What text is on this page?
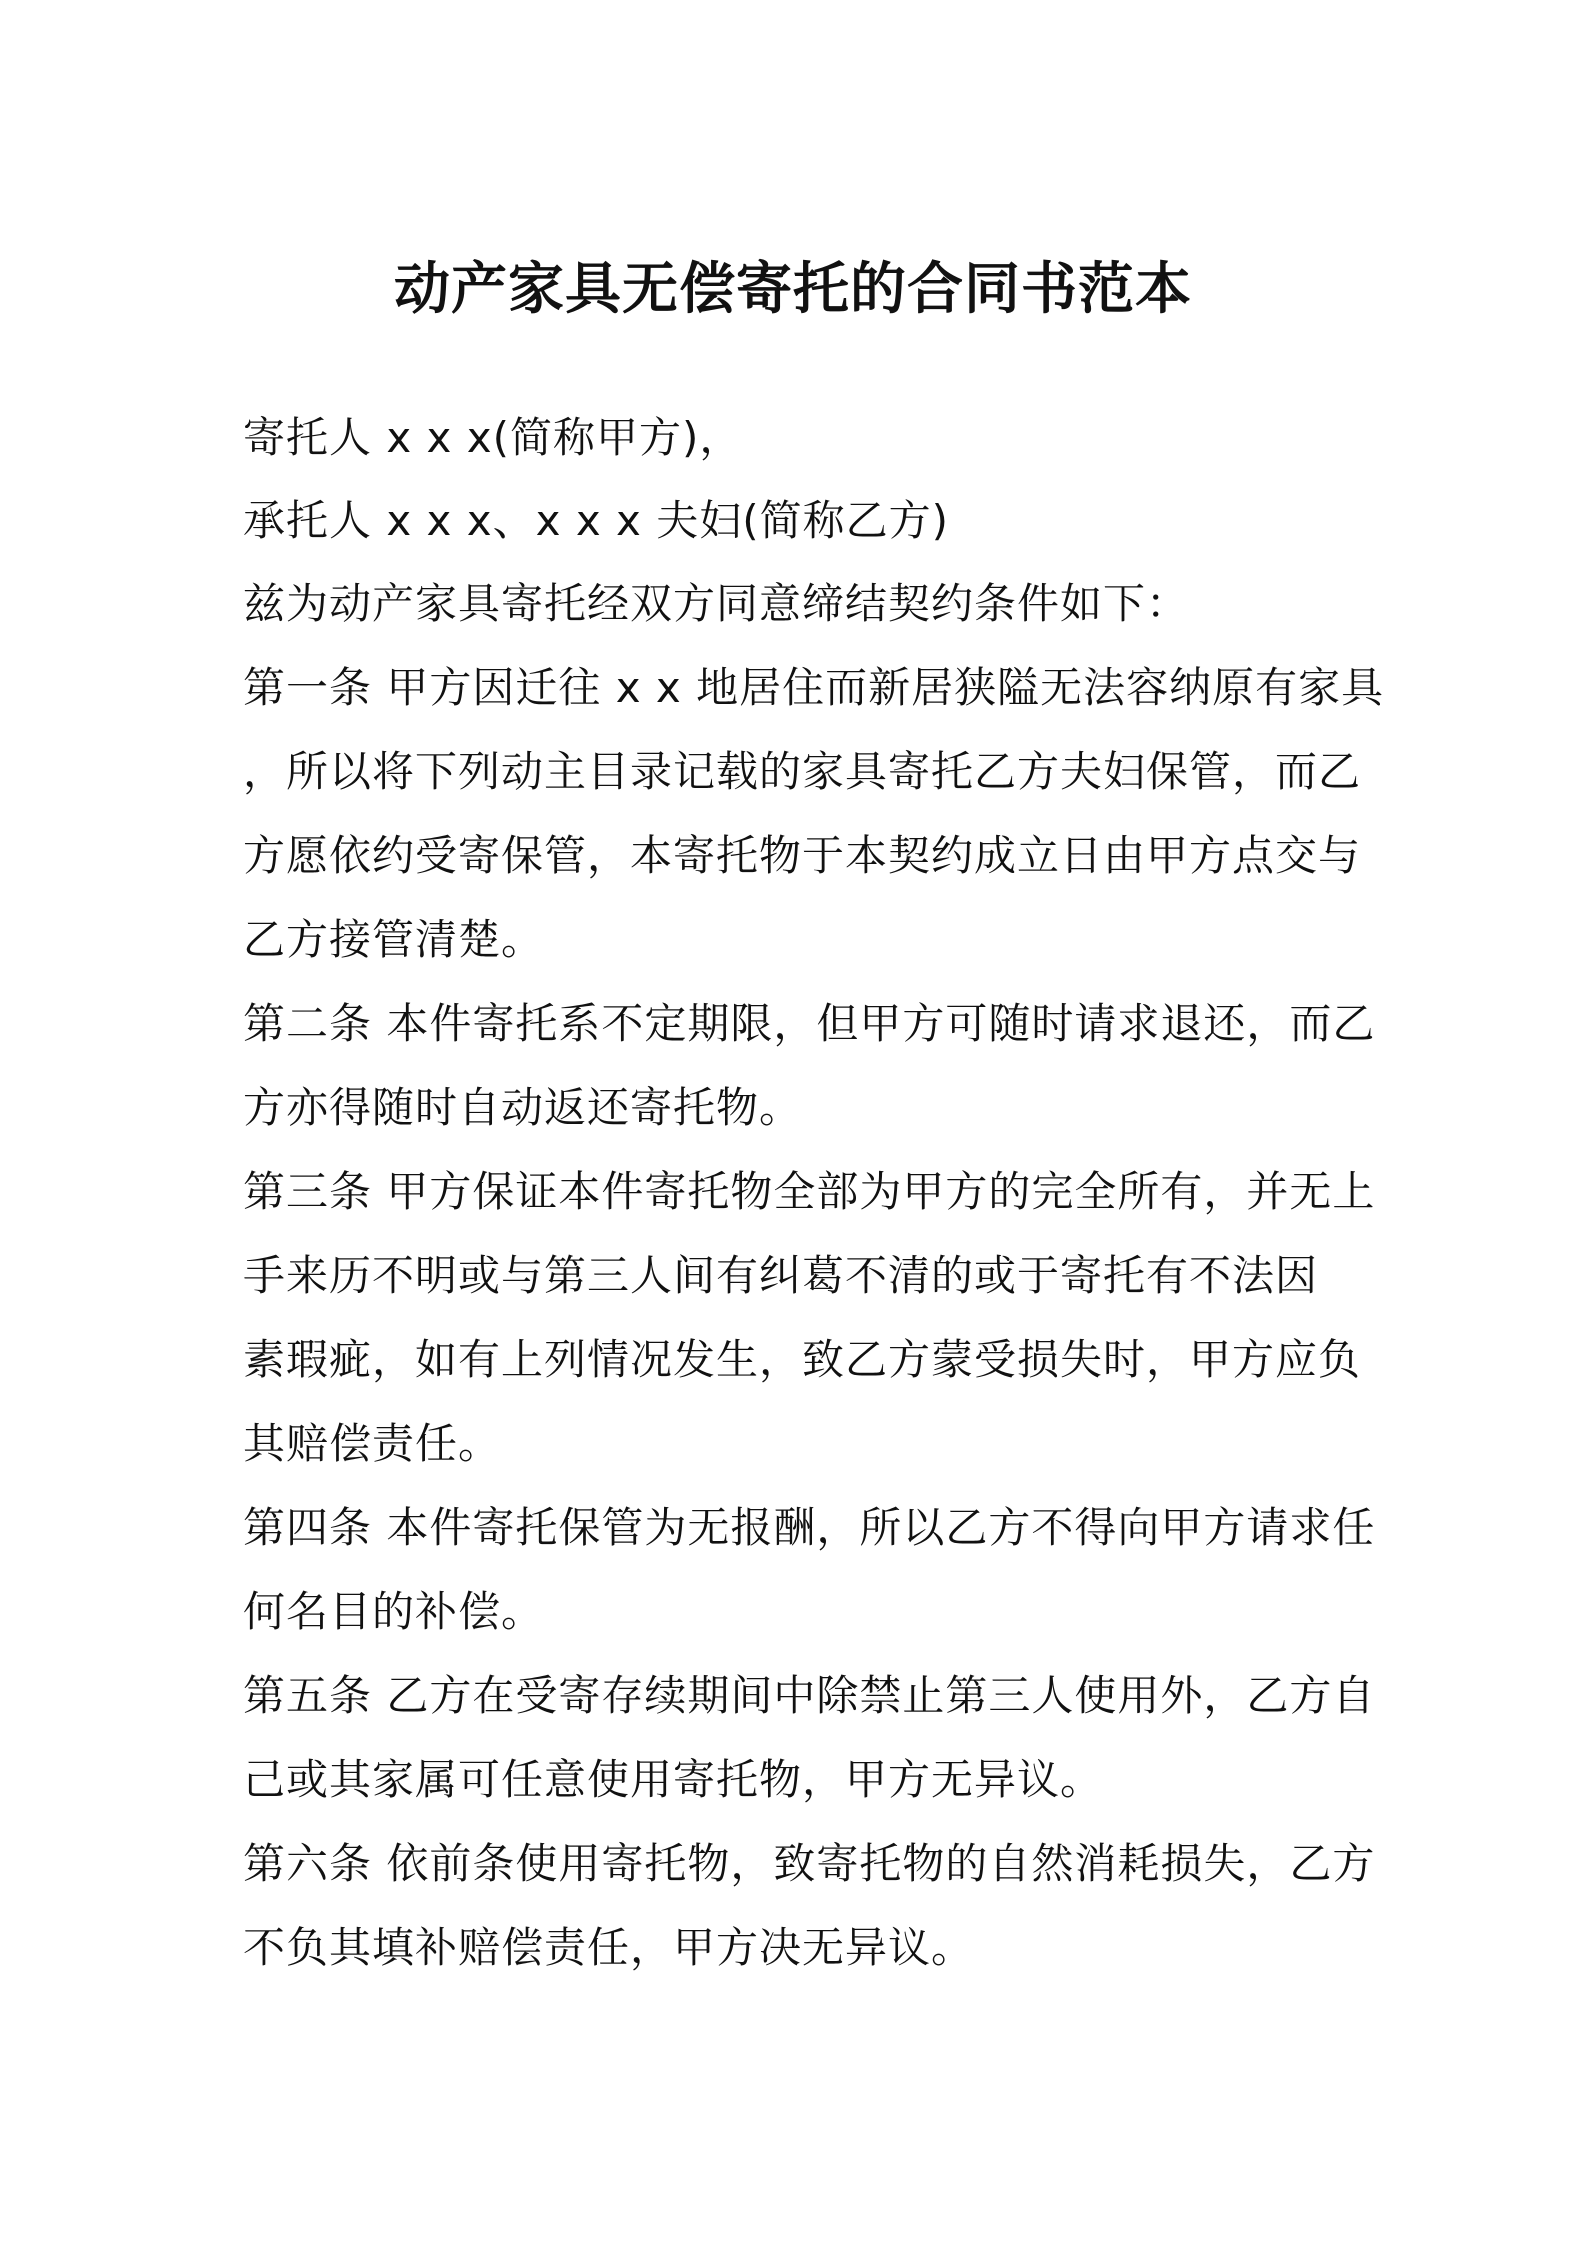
动产家具无偿寄托的合同书范本
寄托人 x x x(简称甲方)，
承托人 x x x、x x x 夫妇(简称乙方)
兹为动产家具寄托经双方同意缔结契约条件如下：
第一条 甲方因迁往 x x 地居住而新居狭隘无法容纳原有家具
，所以将下列动主目录记载的家具寄托乙方夫妇保管，而乙
方愿依约受寄保管，本寄托物于本契约成立日由甲方点交与
乙方接管清楚。
第二条 本件寄托系不定期限，但甲方可随时请求退还，而乙
方亦得随时自动返还寄托物。
第三条 甲方保证本件寄托物全部为甲方的完全所有，并无上
手来历不明或与第三人间有纠葛不清的或于寄托有不法因
素瑕疵，如有上列情况发生，致乙方蒙受损失时，甲方应负
其赔偿责任。
第四条 本件寄托保管为无报酬，所以乙方不得向甲方请求任
何名目的补偿。
第五条 乙方在受寄存续期间中除禁止第三人使用外，乙方自
己或其家属可任意使用寄托物，甲方无异议。
第六条 依前条使用寄托物，致寄托物的自然消耗损失，乙方
不负其填补赔偿责任，甲方决无异议。
